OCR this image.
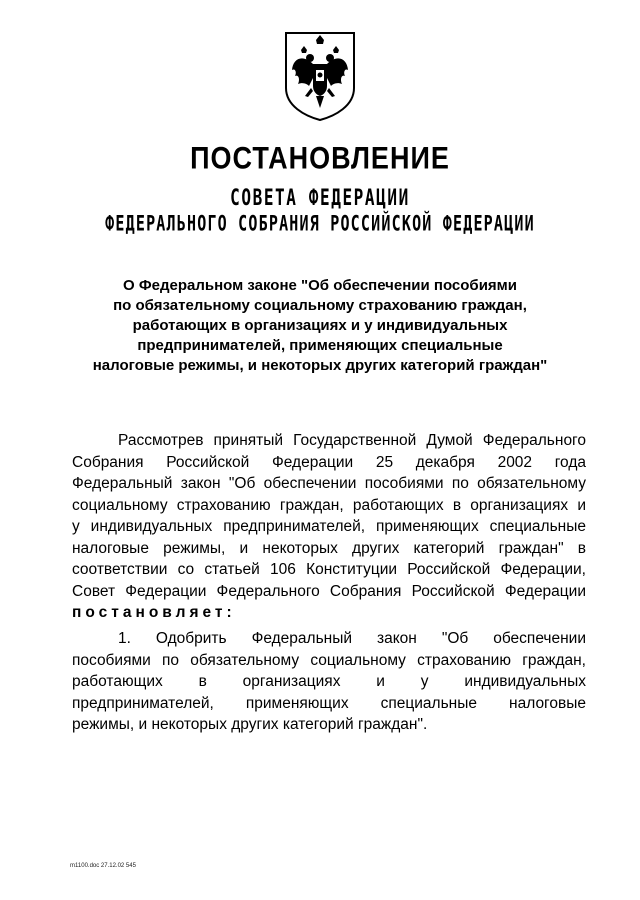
ПОСТАНОВЛЕНИЕ
СОВЕТА ФЕДЕРАЦИИ
ФЕДЕРАЛЬНОГО СОБРАНИЯ РОССИЙСКОЙ ФЕДЕРАЦИИ
О Федеральном законе "Об обеспечении пособиями
по обязательному социальному страхованию граждан,
работающих в организациях и у индивидуальных
предпринимателей, применяющих специальные
налоговые режимы, и некоторых других категорий граждан"
Рассмотрев принятый Государственной Думой Федерального
Собрания Российской Федерации 25 декабря 2002 года
Федеральный закон "Об обеспечении пособиями по обязательному
социальному страхованию граждан, работающих в организациях и
у индивидуальных предпринимателей, применяющих специальные
налоговые режимы, и некоторых других категорий граждан" в
соответствии со статьей 106 Конституции Российской Федерации,
Совет Федерации Федерального Собрания Российской Федерации
постановляет:
1. Одобрить Федеральный закон "Об обеспечении
пособиями по обязательному социальному страхованию граждан,
работающих в организациях и у индивидуальных
предпринимателей, применяющих специальные налоговые
режимы, и некоторых других категорий граждан".
m1100.doc 27.12.02 545
